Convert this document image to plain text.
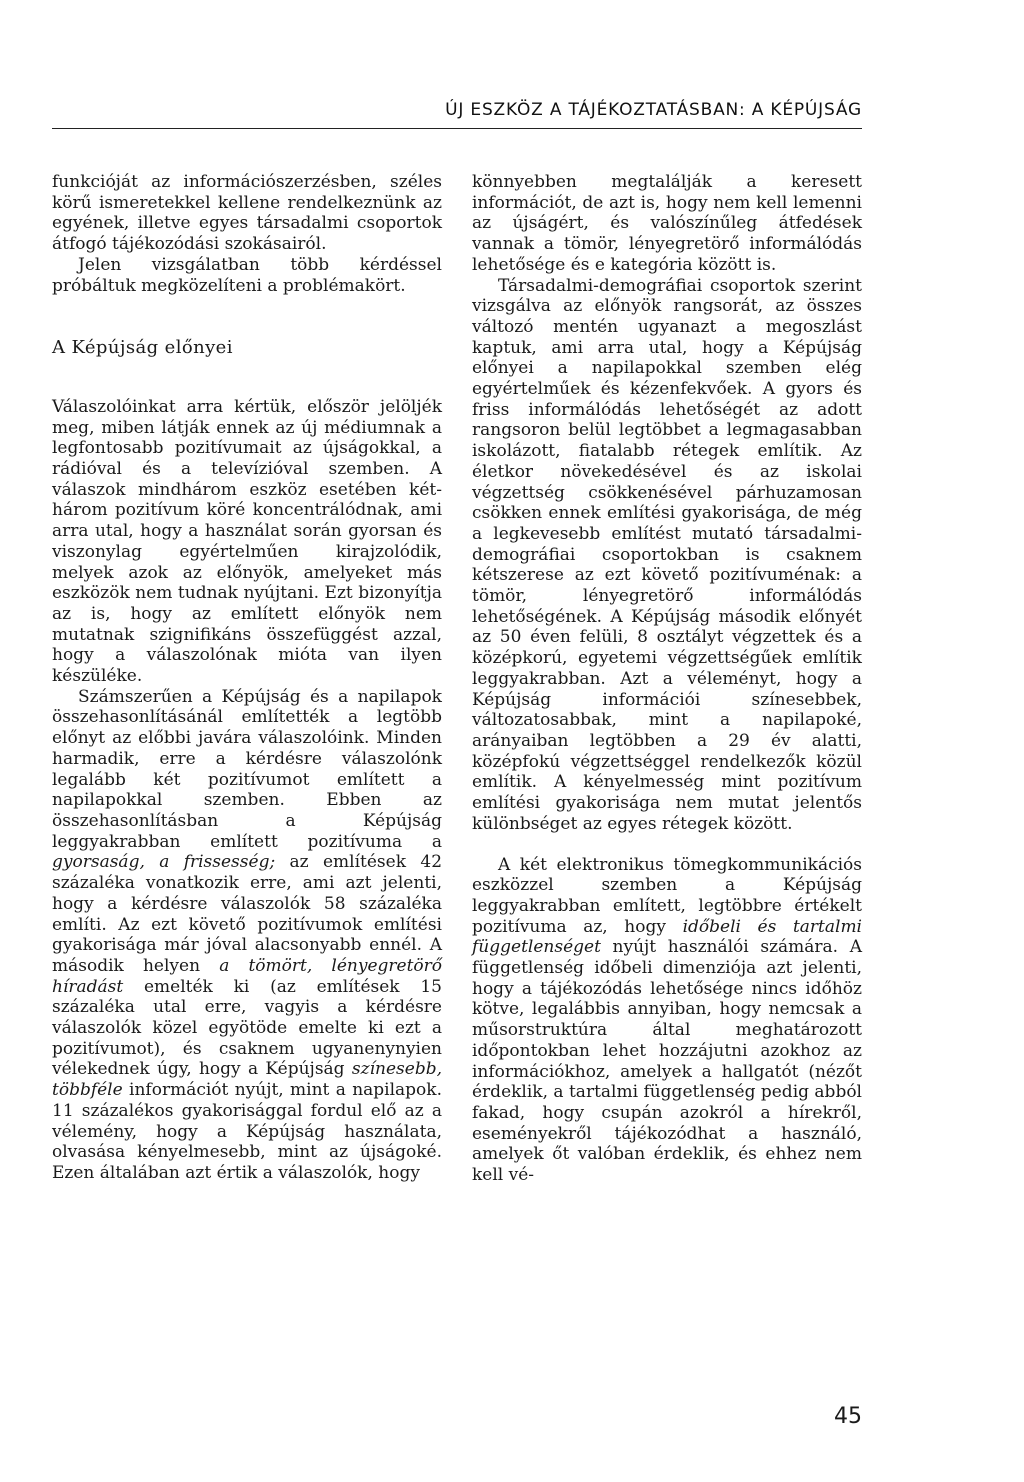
ÚJ ESZKÖZ A TÁJÉKOZTATÁSBAN: A KÉPÚJSÁG

funkcióját az információszerzésben, széles körű ismeretekkel kellene rendelkeznünk az egyének, illetve egyes társadalmi csoportok átfogó tájékozódási szokásairól.

Jelen vizsgálatban több kérdéssel próbáltuk megközelíteni a problémakört.

A Képújság előnyei

Válaszolóinkat arra kértük, először jelöljék meg, miben látják ennek az új médiumnak a legfontosabb pozitívumait az újságokkal, a rádióval és a televízióval szemben. A válaszok mindhárom eszköz esetében két-három pozitívum köré koncentrálódnak, ami arra utal, hogy a használat során gyorsan és viszonylag egyértelműen kirajzolódik, melyek azok az előnyök, amelyeket más eszközök nem tudnak nyújtani. Ezt bizonyítja az is, hogy az említett előnyök nem mutatnak szignifikáns összefüggést azzal, hogy a válaszolónak mióta van ilyen készüléke.

Számszerűen a Képújság és a napilapok összehasonlításánál említették a legtöbb előnyt az előbbi javára válaszolóink. Minden harmadik, erre a kérdésre válaszolónk legalább két pozitívumot említett a napilapokkal szemben. Ebben az összehasonlításban a Képújság leggyakrabban említett pozitívuma a gyorsaság, a frissesség; az említések 42 százaléka vonatkozik erre, ami azt jelenti, hogy a kérdésre válaszolók 58 százaléka említi. Az ezt követő pozitívumok említési gyakorisága már jóval alacsonyabb ennél. A második helyen a tömört, lényegretörő híradást emelték ki (az említések 15 százaléka utal erre, vagyis a kérdésre válaszolók közel egyötöde emelte ki ezt a pozitívumot), és csaknem ugyanenynyien vélekednek úgy, hogy a Képújság színesebb, többféle információt nyújt, mint a napilapok. 11 százalékos gyakorisággal fordul elő az a vélemény, hogy a Képújság használata, olvasása kényelmesebb, mint az újságoké. Ezen általában azt értik a válaszolók, hogy

könnyebben megtalálják a keresett információt, de azt is, hogy nem kell lemenni az újságért, és valószínűleg átfedések vannak a tömör, lényegretörő informálódás lehetősége és e kategória között is.

Társadalmi-demográfiai csoportok szerint vizsgálva az előnyök rangsorát, az összes változó mentén ugyanazt a megoszlást kaptuk, ami arra utal, hogy a Képújság előnyei a napilapokkal szemben elég egyértelműek és kézenfekvőek. A gyors és friss informálódás lehetőségét az adott rangsoron belül legtöbbet a legmagasabban iskolázott, fiatalabb rétegek említik. Az életkor növekedésével és az iskolai végzettség csökkenésével párhuzamosan csökken ennek említési gyakorisága, de még a legkevesebb említést mutató társadalmi-demográfiai csoportokban is csaknem kétszerese az ezt követő pozitívuménak: a tömör, lényegretörő informálódás lehetőségének. A Képújság második előnyét az 50 éven felüli, 8 osztályt végzettek és a középkorú, egyetemi végzettségűek említik leggyakrabban. Azt a véleményt, hogy a Képújság információi színesebbek, változatosabbak, mint a napilapoké, arányaiban legtöbben a 29 év alatti, középfokú végzettséggel rendelkezők közül említik. A kényelmesség mint pozitívum említési gyakorisága nem mutat jelentős különbséget az egyes rétegek között.

A két elektronikus tömegkommunikációs eszközzel szemben a Képújság leggyakrabban említett, legtöbbre értékelt pozitívuma az, hogy időbeli és tartalmi függetlenséget nyújt használói számára. A függetlenség időbeli dimenziója azt jelenti, hogy a tájékozódás lehetősége nincs időhöz kötve, legalábbis annyiban, hogy nemcsak a műsorstruktúra által meghatározott időpontokban lehet hozzájutni azokhoz az információkhoz, amelyek a hallgatót (nézőt érdeklik, a tartalmi függetlenség pedig abból fakad, hogy csupán azokról a hírekről, eseményekről tájékozódhat a használó, amelyek őt valóban érdeklik, és ehhez nem kell vé-

45
